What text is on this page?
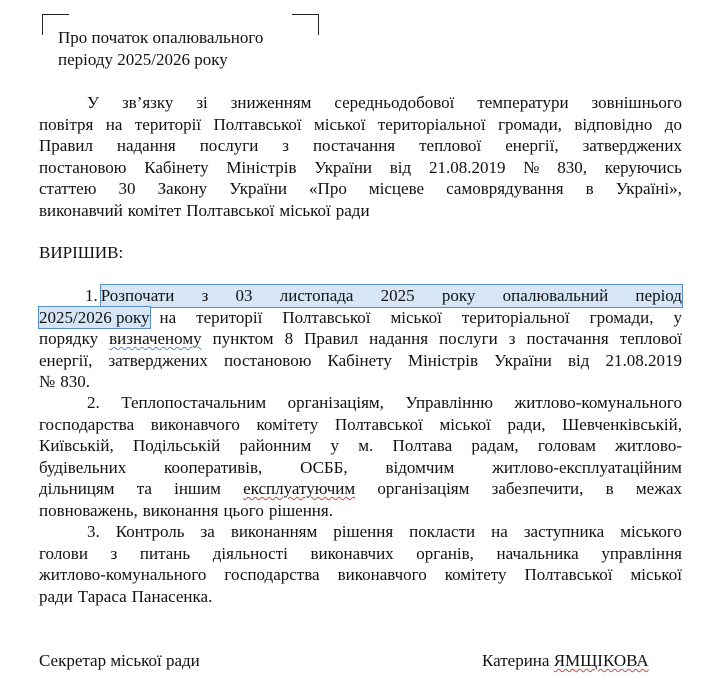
Про початок опалювального
періоду 2025/2026 року
У зв’язку зі зниженням середньодобової температури зовнішнього
повітря на території Полтавської міської територіальної громади, відповідно до
Правил надання послуги з постачання теплової енергії, затверджених
постановою Кабінету Міністрів України від 21.08.2019 № 830, керуючись
статтею 30 Закону України «Про місцеве самоврядування в Україні»,
виконавчий комітет Полтавської міської ради
ВИРІШИВ:
1. Розпочати з 03 листопада 2025 року опалювальний період
2025/2026 року на території Полтавської міської територіальної громади, у
порядку визначеному пунктом 8 Правил надання послуги з постачання теплової
енергії, затверджених постановою Кабінету Міністрів України від 21.08.2019
№ 830.
2. Теплопостачальним організаціям, Управлінню житлово-комунального
господарства виконавчого комітету Полтавської міської ради, Шевченківській,
Київській, Подільській районним у м. Полтава радам, головам житлово-
будівельних кооперативів, ОСББ, відомчим житлово-експлуатаційним
дільницям та іншим експлуатуючим організаціям забезпечити, в межах
повноважень, виконання цього рішення.
3. Контроль за виконанням рішення покласти на заступника міського
голови з питань діяльності виконавчих органів, начальника управління
житлово-комунального господарства виконавчого комітету Полтавської міської
ради Тараса Панасенка.
Секретар міської ради	Катерина ЯМЩІКОВА
